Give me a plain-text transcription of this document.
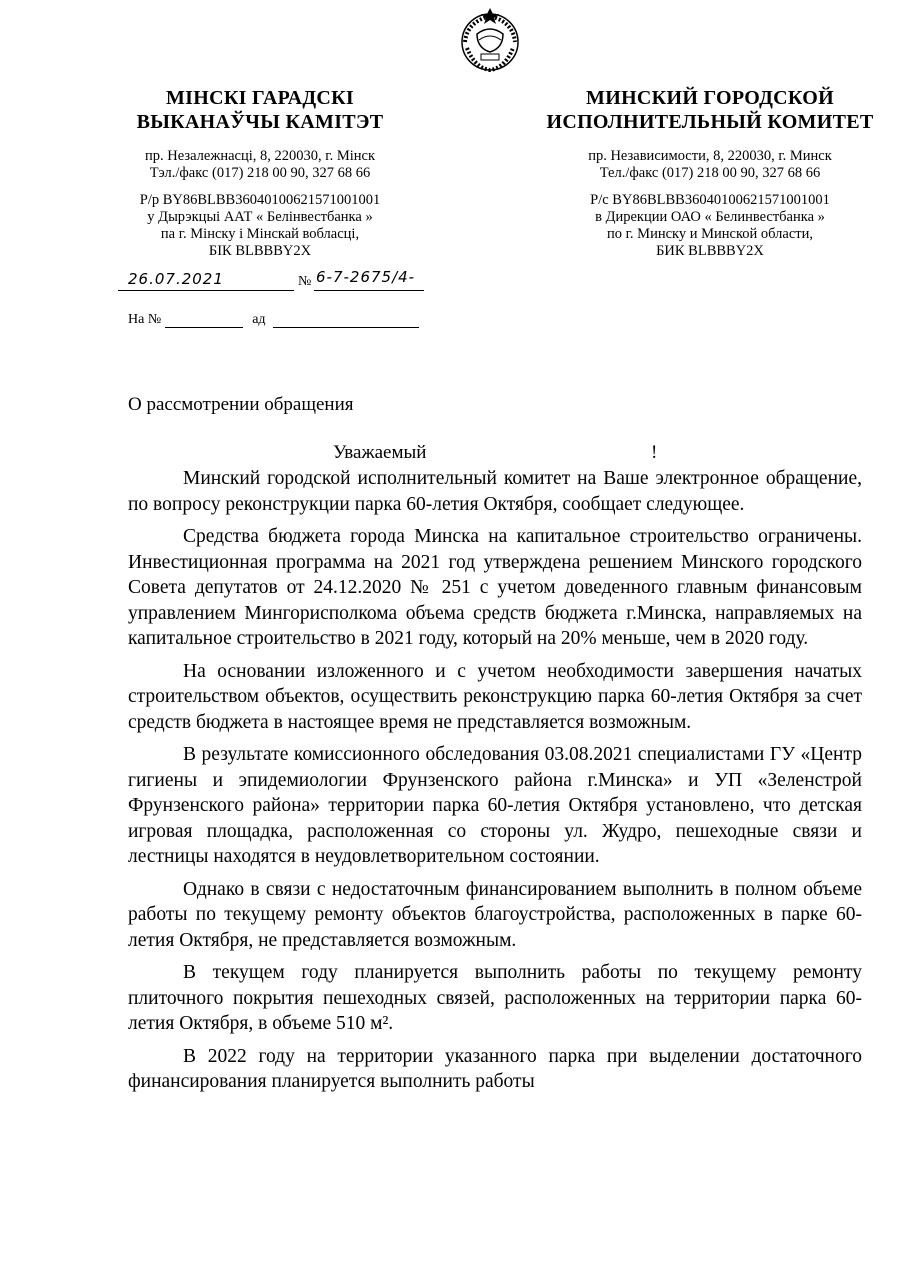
МІНСКІ ГАРАДСКІ
ВЫКАНАЎЧЫ КАМІТЭТ
пр. Незалежнасці, 8, 220030, г. Мінск
Тэл./факс (017) 218 00 90, 327 68 66
Р/р BY86BLBB36040100621571001001
у Дырэкцыі ААТ « Белінвестбанка »
па г. Мінску і Мінскай вобласці,
БІК BLBBBY2X
МИНСКИЙ ГОРОДСКОЙ
ИСПОЛНИТЕЛЬНЫЙ КОМИТЕТ
пр. Независимости, 8, 220030, г. Минск
Тел./факс (017) 218 00 90, 327 68 66
Р/с BY86BLBB36040100621571001001
в Дирекции ОАО « Белинвестбанка »
по г. Минску и Минской области,
БИК BLBBBY2X
26.07.2021	№ 6-7-2675/4-
На №	ад
О рассмотрении обращения
Уважаемый	!

Минский городской исполнительный комитет на Ваше электронное обращение, по вопросу реконструкции парка 60-летия Октября, сообщает следующее.

Средства бюджета города Минска на капитальное строительство ограничены. Инвестиционная программа на 2021 год утверждена решением Минского городского Совета депутатов от 24.12.2020 № 251 с учетом доведенного главным финансовым управлением Мингорисполкома объема средств бюджета г.Минска, направляемых на капитальное строительство в 2021 году, который на 20% меньше, чем в 2020 году.

На основании изложенного и с учетом необходимости завершения начатых строительством объектов, осуществить реконструкцию парка 60-летия Октября за счет средств бюджета в настоящее время не представляется возможным.

В результате комиссионного обследования 03.08.2021 специалистами ГУ «Центр гигиены и эпидемиологии Фрунзенского района г.Минска» и УП «Зеленстрой Фрунзенского района» территории парка 60-летия Октября установлено, что детская игровая площадка, расположенная со стороны ул. Жудро, пешеходные связи и лестницы находятся в неудовлетворительном состоянии.

Однако в связи с недостаточным финансированием выполнить в полном объеме работы по текущему ремонту объектов благоустройства, расположенных в парке 60-летия Октября, не представляется возможным.

В текущем году планируется выполнить работы по текущему ремонту плиточного покрытия пешеходных связей, расположенных на территории парка 60-летия Октября, в объеме 510 м².

В 2022 году на территории указанного парка при выделении достаточного финансирования планируется выполнить работы
